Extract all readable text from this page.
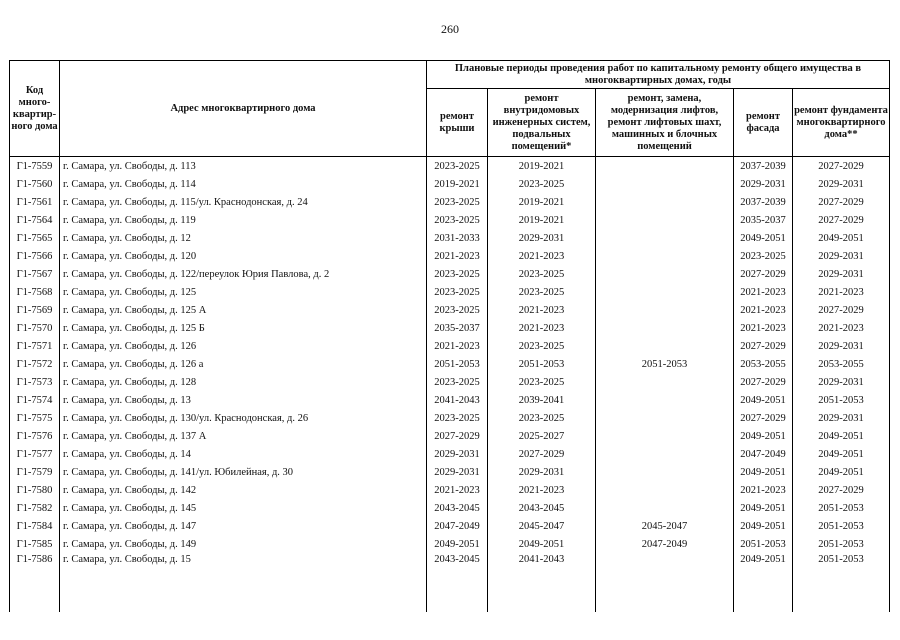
260
Код много-квартир-ного дома	Адрес многоквартирного дома	Плановые периоды проведения работ по капитальному ремонту общего имущества в многоквартирных домах, годы				
		ремонт крыши	ремонт внутридомовых инженерных систем, подвальных помещений*	ремонт, замена, модернизация лифтов, ремонт лифтовых шахт, машинных и блочных помещений	ремонт фасада	ремонт фундамента многоквартирного дома**
Г1-7559	г. Самара, ул. Свободы, д. 113	2023-2025	2019-2021		2037-2039	2027-2029
Г1-7560	г. Самара, ул. Свободы, д. 114	2019-2021	2023-2025		2029-2031	2029-2031
Г1-7561	г. Самара, ул. Свободы, д. 115/ул. Краснодонская, д. 24	2023-2025	2019-2021		2037-2039	2027-2029
Г1-7564	г. Самара, ул. Свободы, д. 119	2023-2025	2019-2021		2035-2037	2027-2029
Г1-7565	г. Самара, ул. Свободы, д. 12	2031-2033	2029-2031		2049-2051	2049-2051
Г1-7566	г. Самара, ул. Свободы, д. 120	2021-2023	2021-2023		2023-2025	2029-2031
Г1-7567	г. Самара, ул. Свободы, д. 122/переулок Юрия Павлова, д. 2	2023-2025	2023-2025		2027-2029	2029-2031
Г1-7568	г. Самара, ул. Свободы, д. 125	2023-2025	2023-2025		2021-2023	2021-2023
Г1-7569	г. Самара, ул. Свободы, д. 125 А	2023-2025	2021-2023		2021-2023	2027-2029
Г1-7570	г. Самара, ул. Свободы, д. 125 Б	2035-2037	2021-2023		2021-2023	2021-2023
Г1-7571	г. Самара, ул. Свободы, д. 126	2021-2023	2023-2025		2027-2029	2029-2031
Г1-7572	г. Самара, ул. Свободы, д. 126 а	2051-2053	2051-2053	2051-2053	2053-2055	2053-2055
Г1-7573	г. Самара, ул. Свободы, д. 128	2023-2025	2023-2025		2027-2029	2029-2031
Г1-7574	г. Самара, ул. Свободы, д. 13	2041-2043	2039-2041		2049-2051	2051-2053
Г1-7575	г. Самара, ул. Свободы, д. 130/ул. Краснодонская, д. 26	2023-2025	2023-2025		2027-2029	2029-2031
Г1-7576	г. Самара, ул. Свободы, д. 137 А	2027-2029	2025-2027		2049-2051	2049-2051
Г1-7577	г. Самара, ул. Свободы, д. 14	2029-2031	2027-2029		2047-2049	2049-2051
Г1-7579	г. Самара, ул. Свободы, д. 141/ул. Юбилейная, д. 30	2029-2031	2029-2031		2049-2051	2049-2051
Г1-7580	г. Самара, ул. Свободы, д. 142	2021-2023	2021-2023		2021-2023	2027-2029
Г1-7582	г. Самара, ул. Свободы, д. 145	2043-2045	2043-2045		2049-2051	2051-2053
Г1-7584	г. Самара, ул. Свободы, д. 147	2047-2049	2045-2047	2045-2047	2049-2051	2051-2053
Г1-7585	г. Самара, ул. Свободы, д. 149	2049-2051	2049-2051	2047-2049	2051-2053	2051-2053
Г1-7586	г. Самара, ул. Свободы, д. 15	2043-2045	2041-2043		2049-2051	2051-2053
